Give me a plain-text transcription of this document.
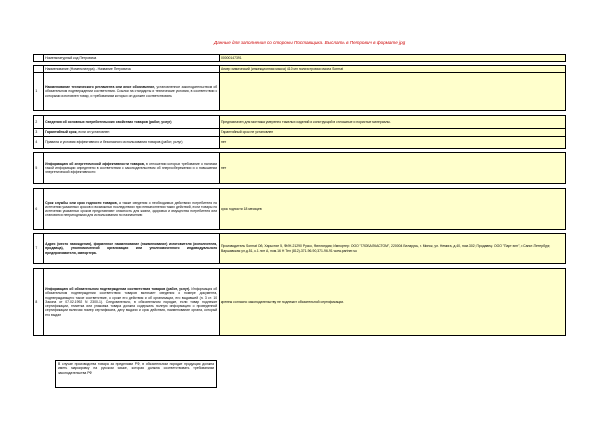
Данные для заполнения со стороны Поставщика. Выслать в Петрович в формате jpg
	Номенклатурный код Петровича	00000147391

	Наименование (Номенклатура) - Название Петровича	Анкер химический (инжекционная масса) 410 мл полиэстровая смола Sormat
1	Наименование технического регламента или иное обозначение, установленное законодательством об обязательном подтверждении соответствия. Ссылки на стандарты и технические условия, в соответствии с которыми изготовлен товар, и требованиям которых он должен соответствовать	

2	Сведения об основных потребительских свойствах товаров (работ, услуг)	Предназначен для монтажа умеренно тяжелых изделий и конструкций в сплошные и пористые материалы.
3	Гарантийный срок, если он установлен	Гарантийный срок не установлен
4	Правила и условия эффективного и безопасного использования товаров (работ, услуг)	нет

5	Информацию об энергетической эффективности товаров, в отношении которых требование о наличии такой информации определено в соответствии с законодательством об энергосбережении и о повышении энергетической эффективности	нет

6	Срок службы или срок годности товаров, а также сведения о необходимых действиях потребителя по истечении указанных сроков и возможных последствиях при невыполнении таких действий, если товары по истечении указанных сроков представляют опасность для жизни, здоровья и имущества потребителя или становятся непригодными для использования по назначению	срок годности 18 месяцев

7	Адрес (место нахождения), фирменное наименование (наименование) изготовителя (исполнителя, продавца), уполномоченной организации или уполномоченного индивидуального предпринимателя, импортера.	Производитель Sormat Oй, Харьстие 5, ФИН-21290 Руско, Финляндия; Импортер: ООО "ГЛОБАЛКАСТОМ", 220004 Беларусь, г. Минск, ул. Немига, д.40, пом.302; Продавец: ООО "Парт юнг", г.Санкт-Петербург, Варшавская ул.д.51, к.1 лит А, пом.16 Н Тел (812)-371-96-90,371-96-91 www.partner.su

8	Информацию об обязательном подтверждении соответствия товаров (работ, услуг). Информация об обязательном подтверждении соответствия товаров включает сведения о номере документа, подтверждающего такое соответствие, о сроке его действия и об организации, его выдавшей (п. 3 ст. 10 Закона от 07.02.1992 N 2300-1). Следовательно, в обязательном порядке, если товар подлежит сертификации, этикетка или упаковка товара должна содержать полную информацию о проведенной сертификации включая номер сертификата, дату выдачи и срок действия, наименование органа, который его выдал	крепеж согласно законодательству не подлежит обязательной сертификации.
В случае производства товара за пределами РФ, в обязательном порядке продукция должна иметь маркировку на русском языке, которая должна соответствовать требованиям законодательства РФ
